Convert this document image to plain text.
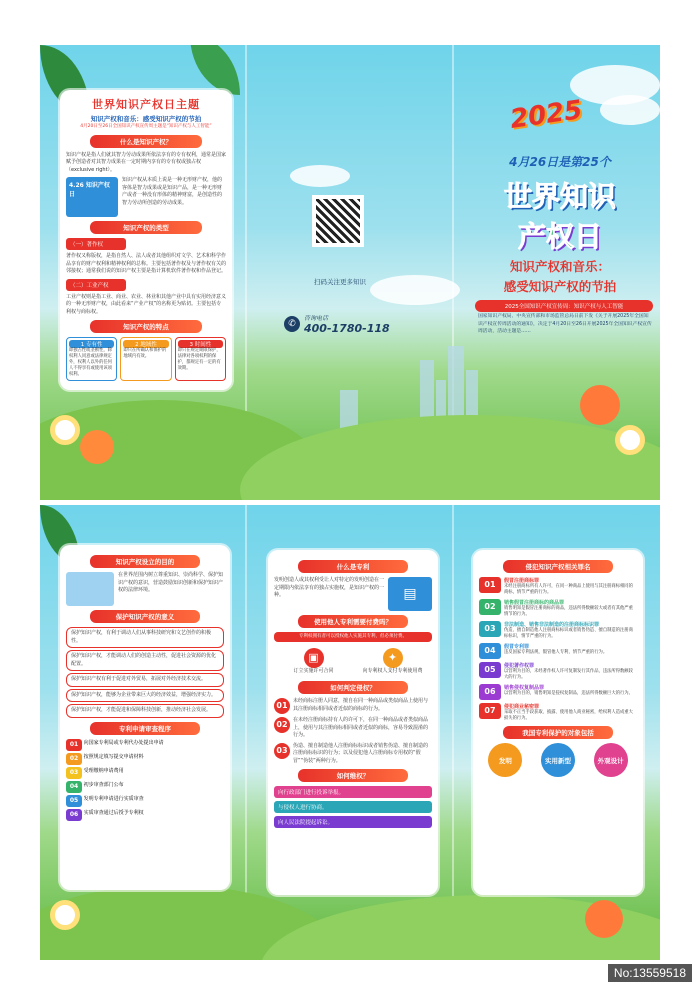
世界知识产权日主题
知识产权和音乐：感受知识产权的节拍
4月20日至26日全国知识产权宣传周主题是“知识产权与人工智能”
什么是知识产权？
知识产权是指人们就其智力劳动成果所依法享有的专有权利，通常是国家赋予创造者对其智力成果在一定时期内享有的专有权或独占权（exclusive right）。
4.26 知识产权日
知识产权从本质上说是一种无形财产权，他的客体是智力成果或是知识产品，是一种无形财产或者一种没有形体的精神财富，是创造性的智力劳动所创造的劳动成果。
知识产权的类型
（一）著作权
著作权又称版权，是指自然人、法人或者其他组织对文学、艺术和科学作品享有的财产权利和精神权利的总称。主要包括著作权及与著作权有关的邻接权；通常我们说的知识产权主要是指计算机软件著作权和作品登记。
（二）工业产权
工业产权则是指工业、商业、农业、林业和其他产业中具有实用经济意义的一种无形财产权，由此看来“产业产权”的名称更为贴切。主要包括专利权与商标权。
知识产权的特点
1 专有性
即独占性或垄断性，除权利人同意或法律规定外，权利人以外的任何人不得享有或使用该项权利。
2 地域性
即只在所确认和保护的地域内有效。
3 时间性
即只在规定期限保护，法律对各项权利的保护，都规定有一定的有效期。
扫码关注更多知识
✆
咨询电话
400-1780-118
2025
4月26日是第25个
世界知识
产权日
知识产权和音乐：
感受知识产权的节拍
2025全国知识产权宣传周：知识产权与人工智能
国家知识产权局、中央宣传部和市场监管总局日前下发《关于开展2025年全国知识产权宣传周活动的通知》，决定于4月20日至26日开展2025年全国知识产权宣传周活动，活动主题是……
知识产权设立的目的
在世界范围内树立尊重知识、崇尚科学、保护知识产权的意识，营造鼓励知识创新和保护知识产权的法律环境。
保护知识产权的意义
保护知识产权，有利于调动人们从事科技研究和文艺创作的积极性。
保护知识产权，才能调动人们的创造主动性，促进社会资源的优化配置。
保护知识产权有利于促进对外贸易，拓展对外经济技术交流。
保护知识产权，能够为企业带来巨大的经济效益，增强经济实力。
保护知识产权，才能促进和保障科技创新，推动经济社会发展。
专利申请审查程序
01 向国家专利局或专利代办处提出申请
02 按照规定填写提交申请材料
03 受理缴纳申请费用
04 初步审查部门公布
05 发明专利申请进行实质审查
06 实质审查通过后授予专利权
什么是专利
发明创造人或其权利受让人对特定的发明创造在一定期限内依法享有的独占实施权，是知识产权的一种。	▤
使用他人专利需要付费吗？
专利权拥有者可以授权他人实施其专利，但必须付费。
▣
订立实施许可合同
✦
向专利权人支付专利使用费
如何判定侵权？
01	未经商标注册人同意，擅自在同一种商品或类似商品上使用与其注册商标相同或者近似的商标的行为。
02	在未经注册商标持有人的许可下，在同一种商品或者类似商品上，使用与其注册商标相同或者近似的商标，容易导致混淆的行为。
03	伪造、擅自制造他人注册商标标识或者销售伪造、擅自制造的注册商标标识的行为；以及侵犯他人注册商标专用权的“假冒”“伪装”两种行为。
如何维权？
向行政部门进行投诉举报。
与侵权人进行协商。
向人民法院提起诉讼。
侵犯知识产权相关罪名
01	假冒注册商标罪
未经注册商标所有人许可，在同一种商品上使用与其注册商标相同的商标，情节严重的行为。
02	销售假冒注册商标的商品罪
销售明知是假冒注册商标的商品，违法所得数额较大或者有其他严重情节的行为。
03	非法制造、销售非法制造的注册商标标识罪
伪造、擅自制造他人注册商标标识或者销售伪造、擅自制造的注册商标标识，情节严重的行为。
04	假冒专利罪
违反国家专利法规，假冒他人专利，情节严重的行为。
05	侵犯著作权罪
以营利为目的，未经著作权人许可复制发行其作品，违法所得数额较大的行为。
06	销售侵权复制品罪
以营利为目的，销售明知是侵权复制品，违法所得数额巨大的行为。
07	侵犯商业秘密罪
采取不正当手段获取、披露、使用他人商业秘密，给权利人造成重大损失的行为。
我国专利保护的对象包括
发明	实用新型	外观设计
No:13559518
